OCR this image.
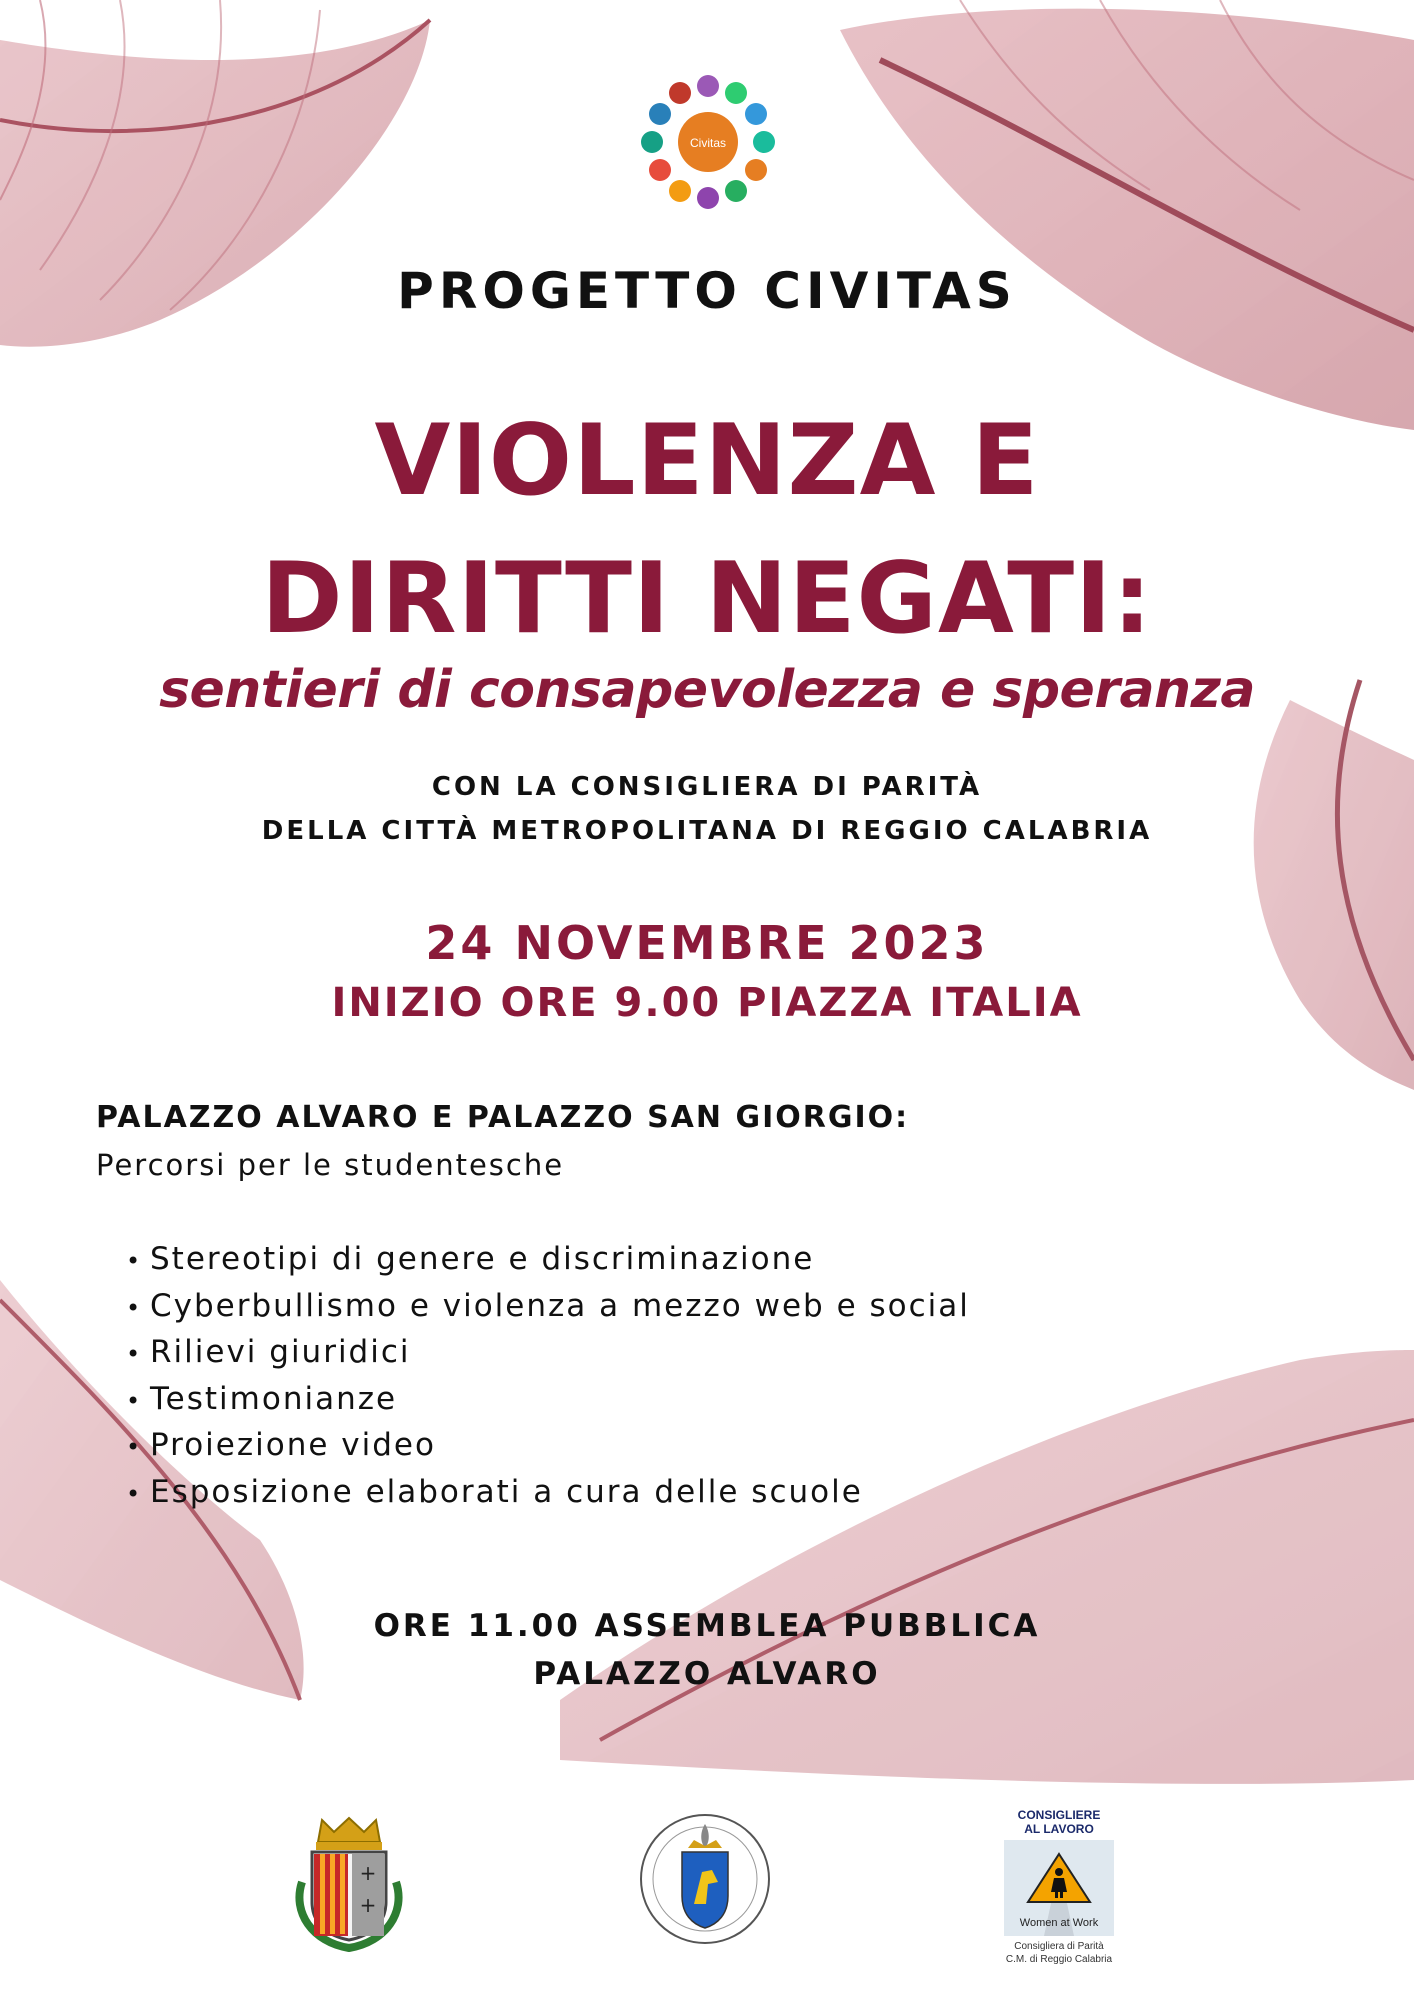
Civitas
PROGETTO CIVITAS
VIOLENZA E
DIRITTI NEGATI:
sentieri di consapevolezza e speranza
CON LA CONSIGLIERA DI PARITÀ
DELLA CITTÀ METROPOLITANA DI REGGIO CALABRIA
24 NOVEMBRE 2023
INIZIO ORE 9.00 PIAZZA ITALIA
PALAZZO ALVARO E PALAZZO SAN GIORGIO:
Percorsi per le studentesche
• Stereotipi di genere e discriminazione
• Cyberbullismo e violenza a mezzo web e social
• Rilievi giuridici
• Testimonianze
• Proiezione video
• Esposizione elaborati a cura delle scuole
ORE 11.00 ASSEMBLEA PUBBLICA
PALAZZO ALVARO
+
+
CONSIGLIERE
AL LAVORO
Women at Work
Consigliera di Parità
C.M. di Reggio Calabria
